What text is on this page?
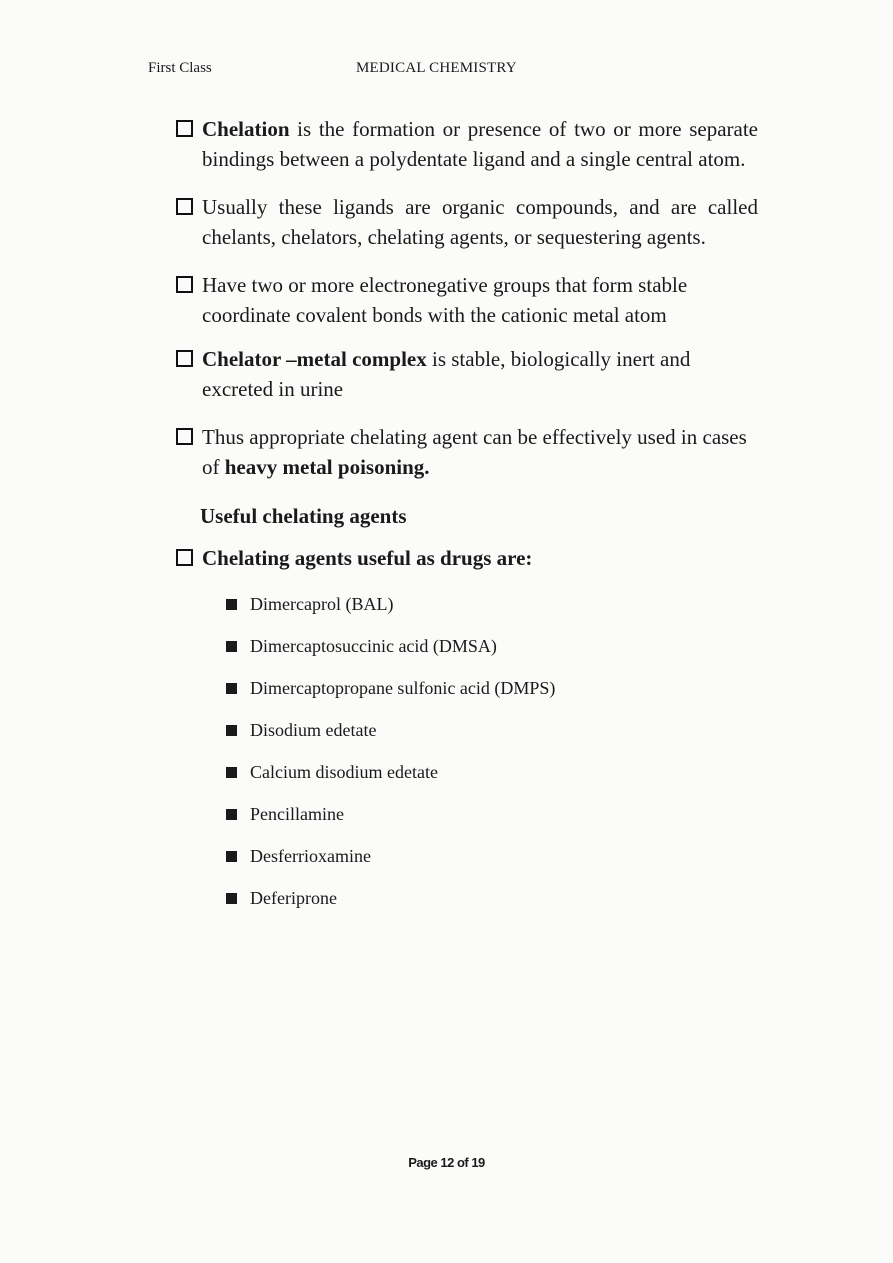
First Class	MEDICAL CHEMISTRY
Chelation is the formation or presence of two or more separate bindings between a polydentate ligand and a single central atom.
Usually these ligands are organic compounds, and are called chelants, chelators, chelating agents, or sequestering agents.
Have two or more electronegative groups that form stable coordinate covalent bonds with the cationic metal atom
Chelator –metal complex is stable, biologically inert and excreted in urine
Thus appropriate chelating agent can be effectively used in cases of heavy metal poisoning.
Useful chelating agents
Chelating agents useful as drugs are:
Dimercaprol (BAL)
Dimercaptosuccinic acid (DMSA)
Dimercaptopropane sulfonic acid (DMPS)
Disodium edetate
Calcium disodium edetate
Pencillamine
Desferrioxamine
Deferiprone
Page 12 of 19
